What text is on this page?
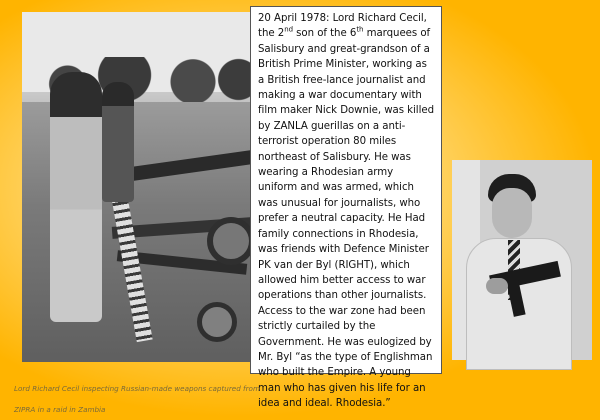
20 April 1978: Lord Richard Cecil, the 2nd son of the 6th marquees of Salisbury and great-grandson of a British Prime Minister, working as a British free-lance journalist and making a war documentary with film maker Nick Downie, was killed by ZANLA guerillas on a anti-terrorist operation 80 miles northeast of Salisbury. He was wearing a Rhodesian army uniform and was armed, which was unusual for journalists, who prefer a neutral capacity. He Had family connections in Rhodesia, was friends with Defence Minister PK van der Byl (RIGHT), which allowed him better access to war operations than other journalists. Access to the war zone had been strictly curtailed by the Government. He was eulogized by Mr. Byl “as the type of Englishman who built the Empire. A young man who has given his life for an idea and ideal. Rhodesia.”

Lord Richard Cecil inspecting Russian-made weapons captured from
ZIPRA in a raid in Zambia
